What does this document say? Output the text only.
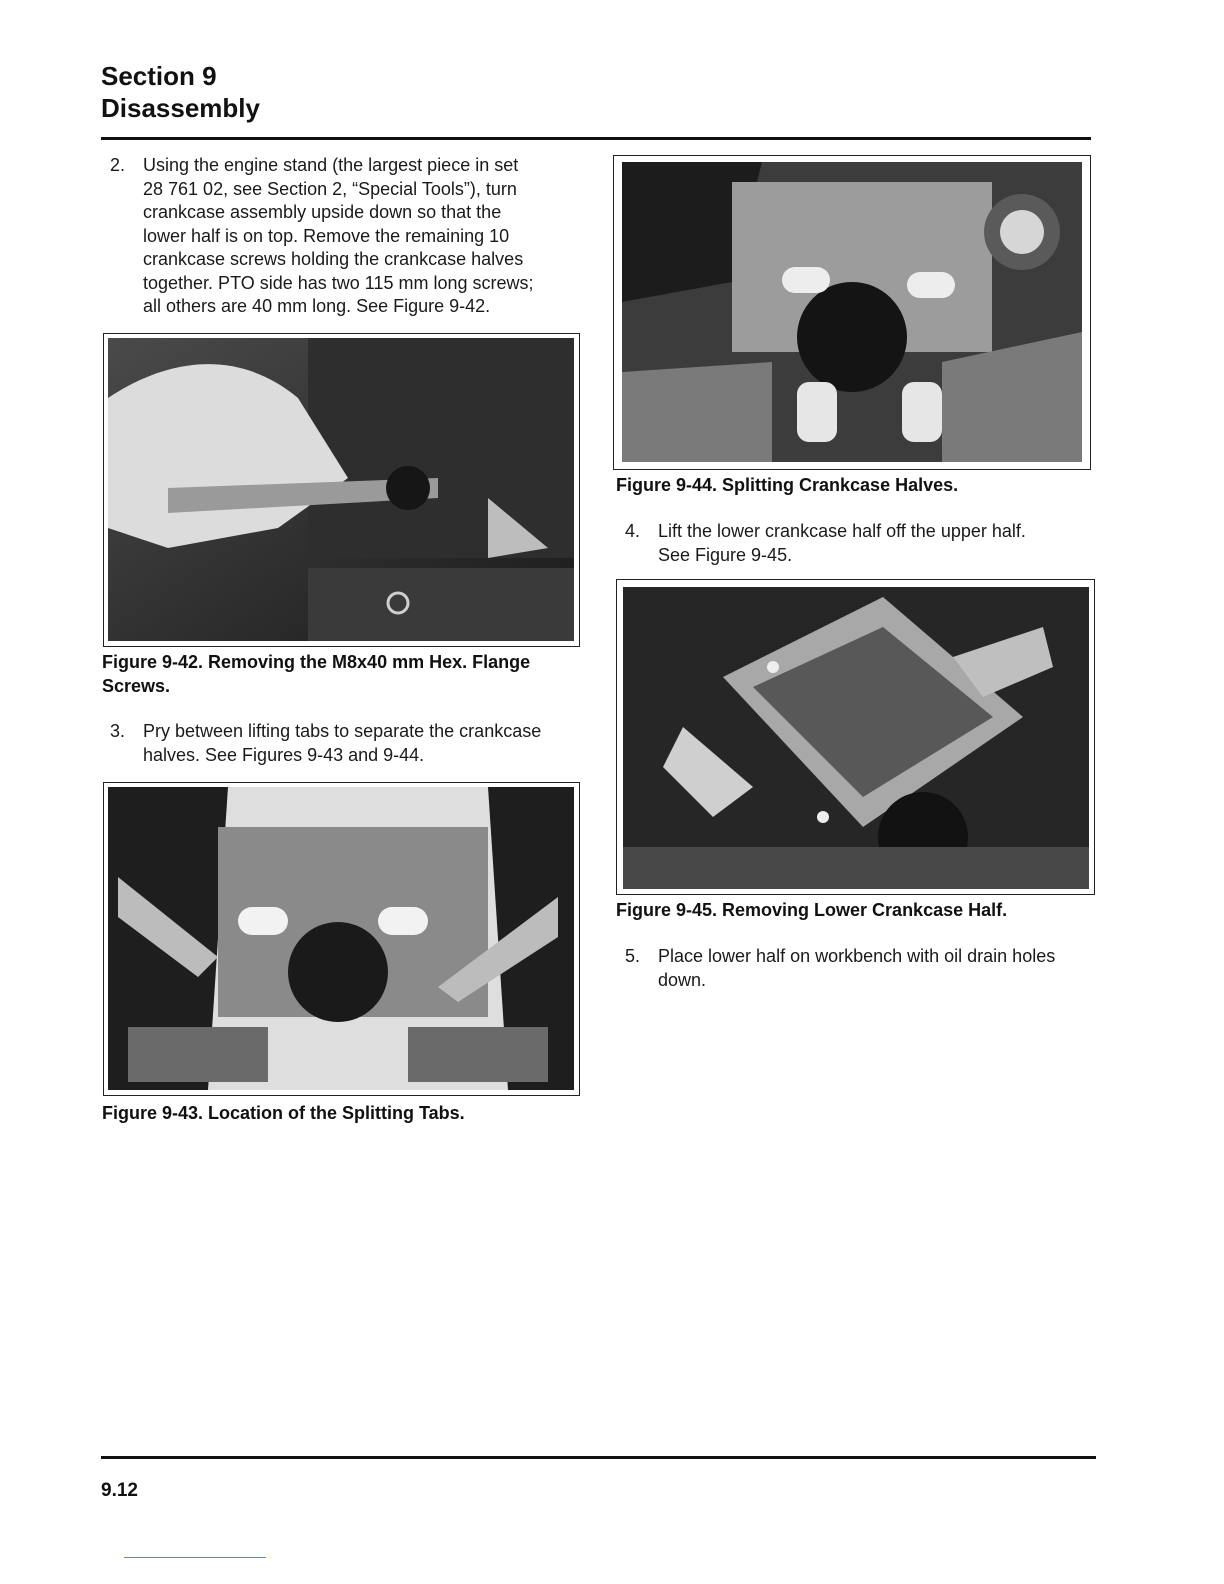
Section 9
Disassembly
2. Using the engine stand (the largest piece in set
28 761 02, see Section 2, “Special Tools”), turn
crankcase assembly upside down so that the
lower half is on top. Remove the remaining 10
crankcase screws holding the crankcase halves
together. PTO side has two 115 mm long screws;
all others are 40 mm long. See Figure 9-42.
Figure 9-42. Removing the M8x40 mm Hex. Flange
Screws.
3. Pry between lifting tabs to separate the crankcase
halves. See Figures 9-43 and 9-44.
Figure 9-43. Location of the Splitting Tabs.
Figure 9-44. Splitting Crankcase Halves.
4. Lift the lower crankcase half off the upper half.
See Figure 9-45.
Figure 9-45. Removing Lower Crankcase Half.
5. Place lower half on workbench with oil drain holes
down.
9.12
